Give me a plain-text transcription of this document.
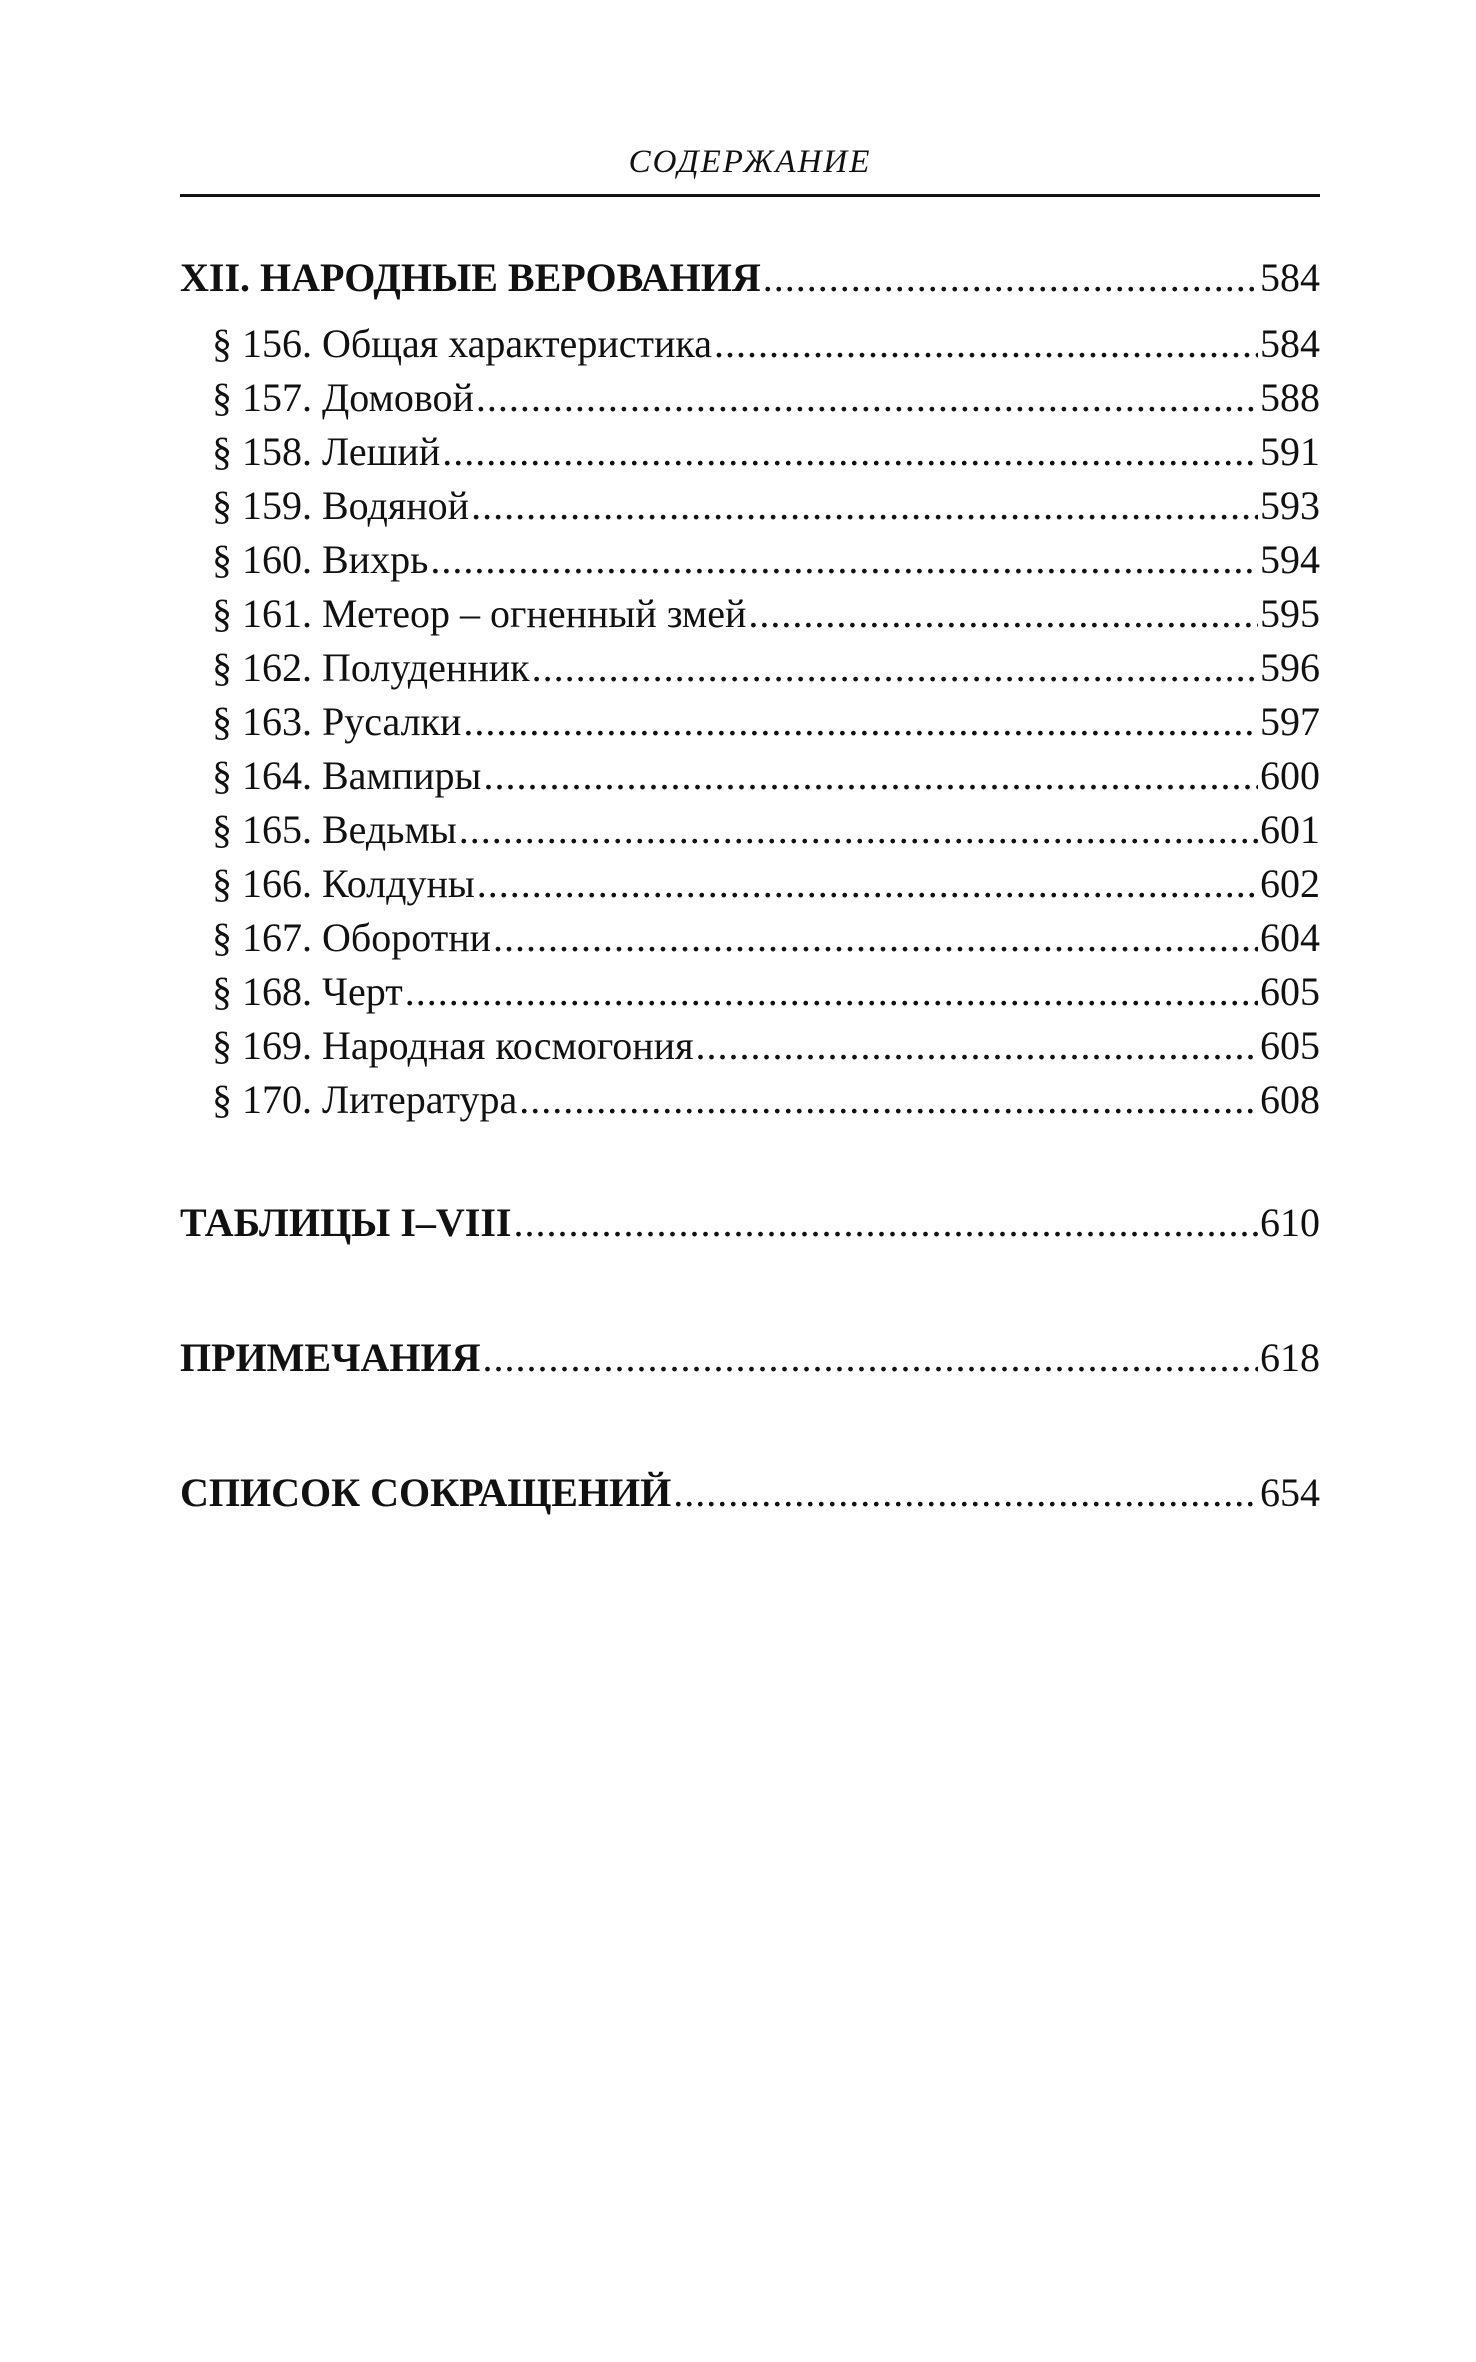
СОДЕРЖАНИЕ
XII. НАРОДНЫЕ ВЕРОВАНИЯ .....	584
§ 156. Общая характеристика .....	584
§ 157. Домовой .....	588
§ 158. Леший .....	591
§ 159. Водяной .....	593
§ 160. Вихрь .....	594
§ 161. Метеор – огненный змей .....	595
§ 162. Полуденник .....	596
§ 163. Русалки .....	597
§ 164. Вампиры .....	600
§ 165. Ведьмы .....	601
§ 166. Колдуны .....	602
§ 167. Оборотни .....	604
§ 168. Черт .....	605
§ 169. Народная космогония .....	605
§ 170. Литература .....	608
ТАБЛИЦЫ I–VIII .....	610
ПРИМЕЧАНИЯ .....	618
СПИСОК СОКРАЩЕНИЙ .....	654
